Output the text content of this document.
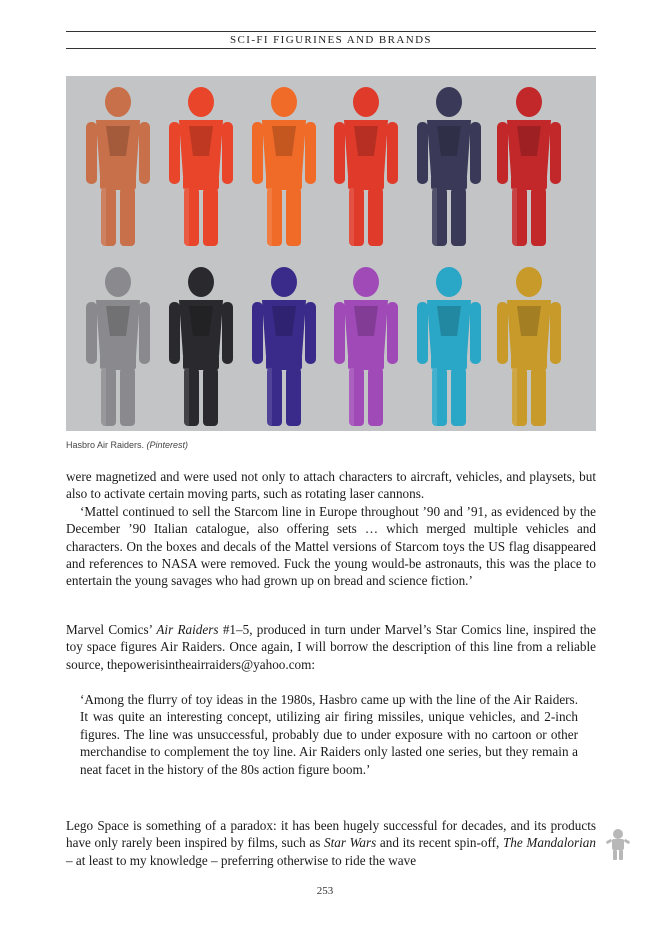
SCI-FI FIGURINES AND BRANDS
Hasbro Air Raiders. (Pinterest)

were magnetized and were used not only to attach characters to aircraft, vehicles, and playsets, but also to activate certain moving parts, such as rotating laser cannons.

‘Mattel continued to sell the Starcom line in Europe throughout ’90 and ’91, as evidenced by the December ’90 Italian catalogue, also offering sets … which merged multiple vehicles and characters. On the boxes and decals of the Mattel versions of Starcom toys the US flag disappeared and references to NASA were removed. Fuck the young would-be astronauts, this was the place to entertain the young savages who had grown up on bread and science fiction.’

Marvel Comics’ Air Raiders #1–5, produced in turn under Marvel’s Star Comics line, inspired the toy space figures Air Raiders. Once again, I will borrow the description of this line from a reliable source, thepowerisintheairraiders@yahoo.com:

‘Among the flurry of toy ideas in the 1980s, Hasbro came up with the line of the Air Raiders. It was quite an interesting concept, utilizing air firing missiles, unique vehicles, and 2-inch figures. The line was unsuccessful, probably due to under exposure with no cartoon or other merchandise to complement the toy line. Air Raiders only lasted one series, but they remain a neat facet in the history of the 80s action figure boom.’

Lego Space is something of a paradox: it has been hugely successful for decades, and its products have only rarely been inspired by films, such as Star Wars and its recent spin-off, The Mandalorian – at least to my knowledge – preferring otherwise to ride the wave

253
